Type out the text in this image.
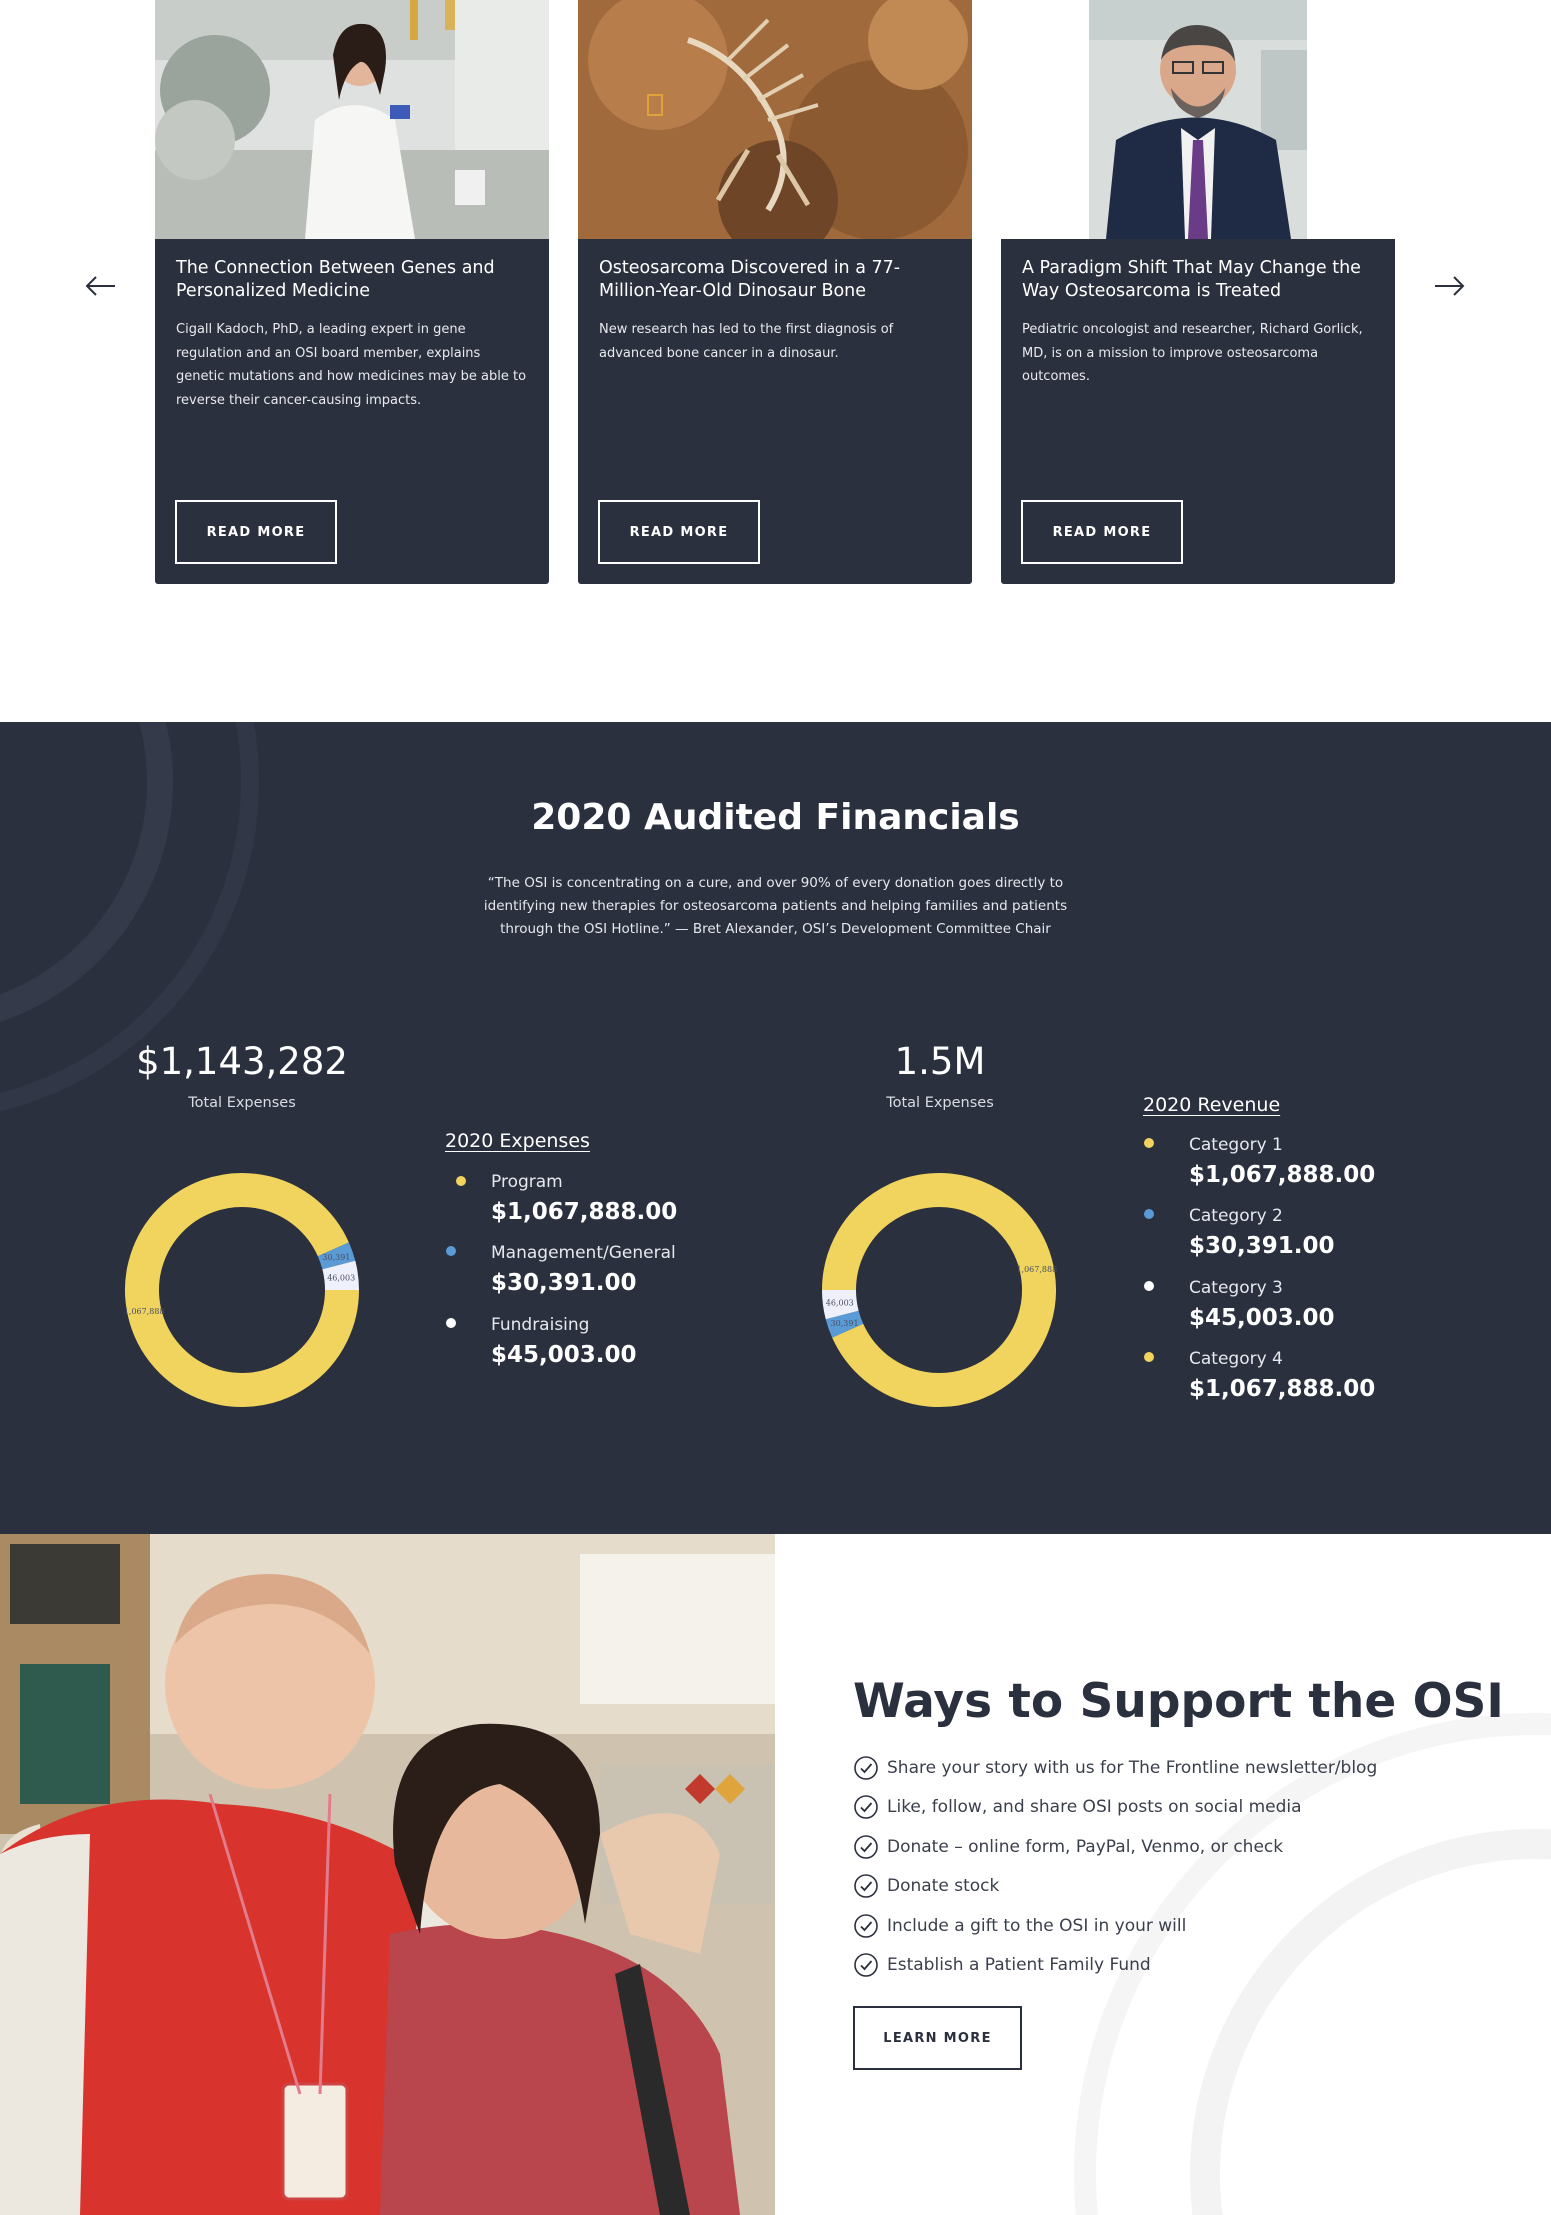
The Connection Between Genes and Personalized Medicine
Cigall Kadoch, PhD, a leading expert in gene regulation and an OSI board member, explains genetic mutations and how medicines may be able to reverse their cancer-causing impacts.
READ MORE
Osteosarcoma Discovered in a 77-Million-Year-Old Dinosaur Bone
New research has led to the first diagnosis of advanced bone cancer in a dinosaur.
READ MORE
A Paradigm Shift That May Change the Way Osteosarcoma is Treated
Pediatric oncologist and researcher, Richard Gorlick, MD, is on a mission to improve osteosarcoma outcomes.
READ MORE
2020 Audited Financials

“The OSI is concentrating on a cure, and over 90% of every donation goes directly to identifying new therapies for osteosarcoma patients and helping families and patients through the OSI Hotline.” — Bret Alexander, OSI’s Development Committee Chair

$1,143,282
Total Expenses
1,067,888
30,391
46,003
2020 Expenses
Program
$1,067,888.00
Management/General
$30,391.00
Fundraising
$45,003.00
1.5M
Total Expenses
1,067,888
30,391
46,003
2020 Revenue
Category 1
$1,067,888.00
Category 2
$30,391.00
Category 3
$45,003.00
Category 4
$1,067,888.00
Ways to Support the OSI
Share your story with us for The Frontline newsletter/blog
Like, follow, and share OSI posts on social media
Donate – online form, PayPal, Venmo, or check
Donate stock
Include a gift to the OSI in your will
Establish a Patient Family Fund
LEARN MORE
